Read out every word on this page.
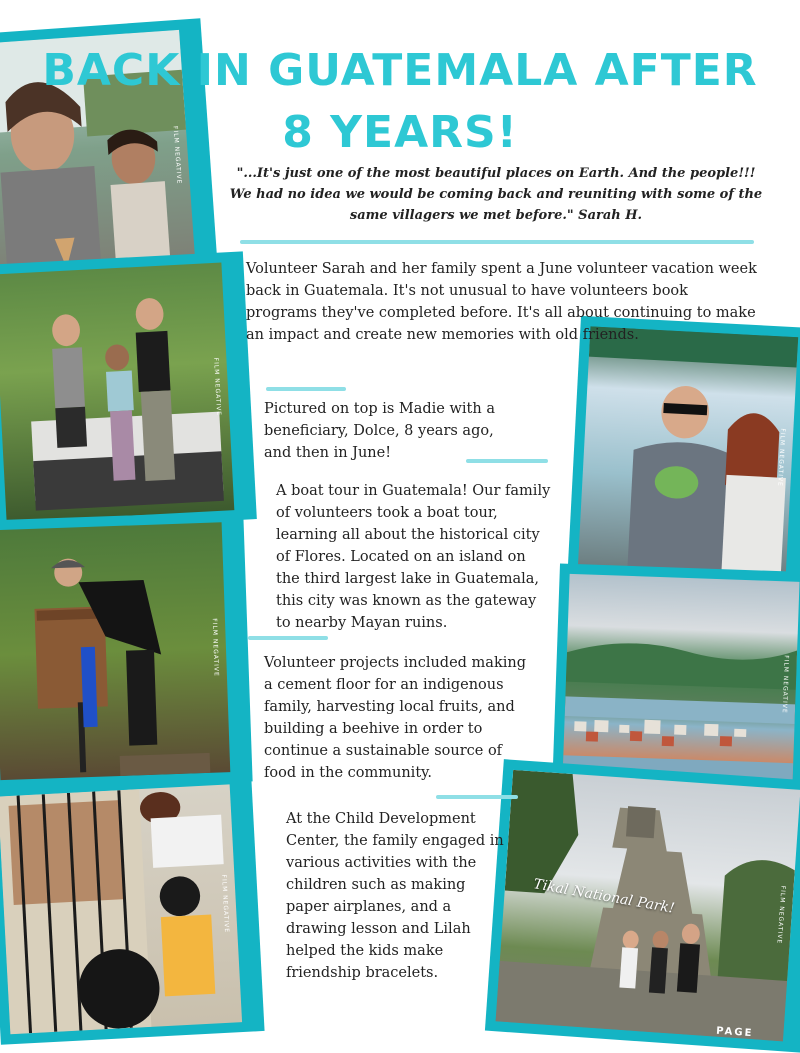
FILM NEGATIVE
FILM NEGATIVE
FILM NEGATIVE
FILM NEGATIVE
FILM NEGATIVE
FILM NEGATIVE
Tikal National Park!	FILM NEGATIVE
PAGE
BACK IN GUATEMALA AFTER 8 YEARS!
"...It's just one of the most beautiful places on Earth. And the people!!! We had no idea we would be coming back and reuniting with some of the same villagers we met before." Sarah H.
Volunteer Sarah and her family spent a June volunteer vacation week back in Guatemala. It's not unusual to have volunteers book programs they've completed before. It's all about continuing to make an impact and create new memories with old friends.
Pictured on top is Madie with a beneficiary, Dolce, 8 years ago, and then in June!
A boat tour in Guatemala! Our family of volunteers took a boat tour, learning all about the historical city of Flores. Located on an island on the third largest lake in Guatemala, this city was known as the gateway to nearby Mayan ruins.
Volunteer projects included making a cement floor for an indigenous family, harvesting local fruits, and building a beehive in order to continue a sustainable source of food in the community.
At the Child Development Center, the family engaged in various activities with the children such as making paper airplanes, and a drawing lesson and Lilah helped the kids make friendship bracelets.
